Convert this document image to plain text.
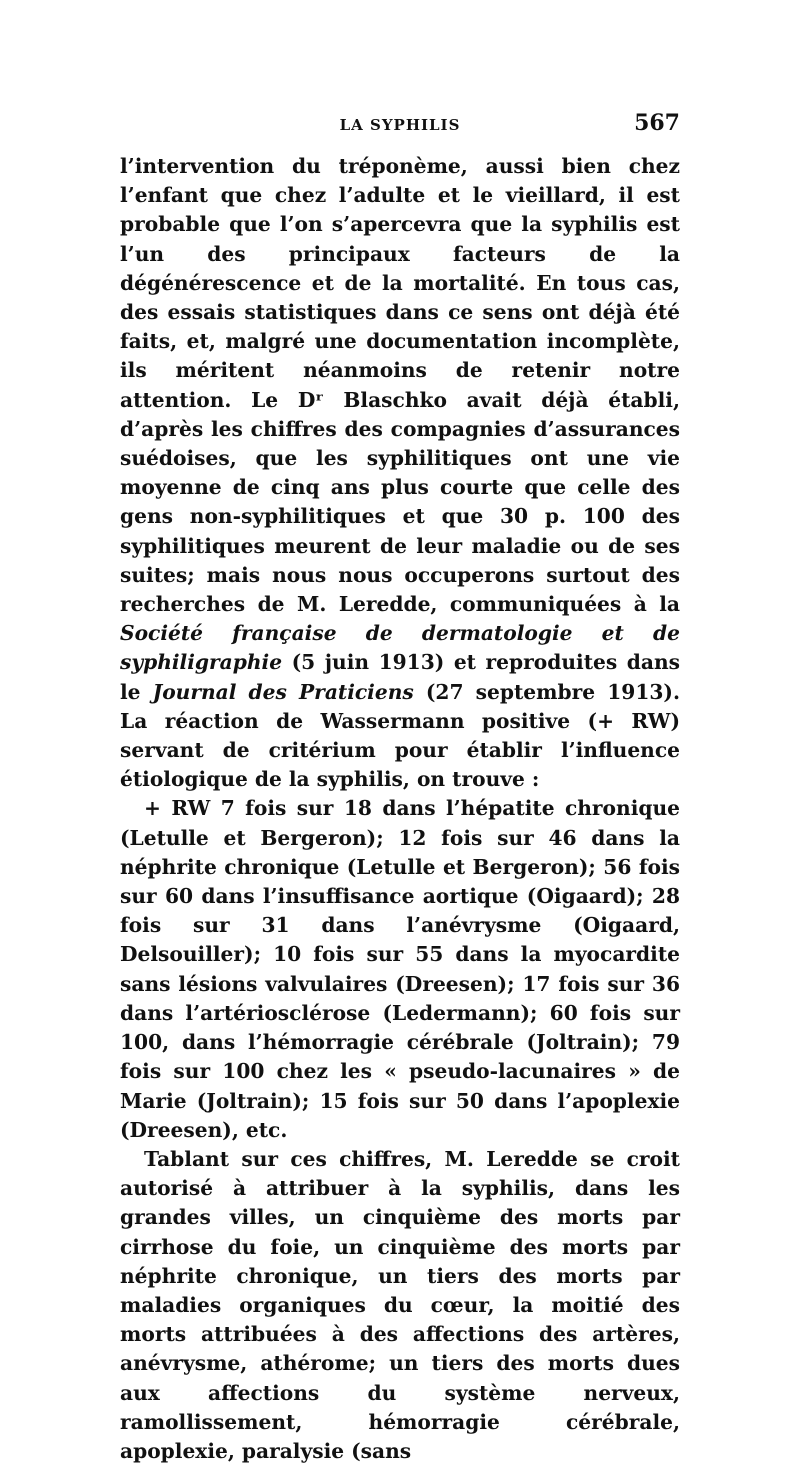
LA SYPHILIS	567

l’intervention du tréponème, aussi bien chez l’enfant que chez l’adulte et le vieillard, il est probable que l’on s’apercevra que la syphilis est l’un des principaux facteurs de la dégénérescence et de la mortalité. En tous cas, des essais statistiques dans ce sens ont déjà été faits, et, malgré une documentation incomplète, ils méritent néanmoins de retenir notre attention. Le Dʳ Blaschko avait déjà établi, d’après les chiffres des compagnies d’assurances suédoises, que les syphilitiques ont une vie moyenne de cinq ans plus courte que celle des gens non-syphilitiques et que 30 p. 100 des syphilitiques meurent de leur maladie ou de ses suites; mais nous nous occuperons surtout des recherches de M. Leredde, communiquées à la Société française de dermatologie et de syphiligraphie (5 juin 1913) et reproduites dans le Journal des Praticiens (27 septembre 1913). La réaction de Wassermann positive (+ RW) servant de critérium pour établir l’influence étiologique de la syphilis, on trouve :

+ RW 7 fois sur 18 dans l’hépatite chronique (Letulle et Bergeron); 12 fois sur 46 dans la néphrite chronique (Letulle et Bergeron); 56 fois sur 60 dans l’insuffisance aortique (Oigaard); 28 fois sur 31 dans l’anévrysme (Oigaard, Delsouiller); 10 fois sur 55 dans la myocardite sans lésions valvulaires (Dreesen); 17 fois sur 36 dans l’artériosclérose (Ledermann); 60 fois sur 100, dans l’hémorragie cérébrale (Joltrain); 79 fois sur 100 chez les « pseudo-lacunaires » de Marie (Joltrain); 15 fois sur 50 dans l’apoplexie (Dreesen), etc.

Tablant sur ces chiffres, M. Leredde se croit autorisé à attribuer à la syphilis, dans les grandes villes, un cinquième des morts par cirrhose du foie, un cinquième des morts par néphrite chronique, un tiers des morts par maladies organiques du cœur, la moitié des morts attribuées à des affections des artères, anévrysme, athérome; un tiers des morts dues aux affections du système nerveux, ramollissement, hémorragie cérébrale, apoplexie, paralysie (sans
